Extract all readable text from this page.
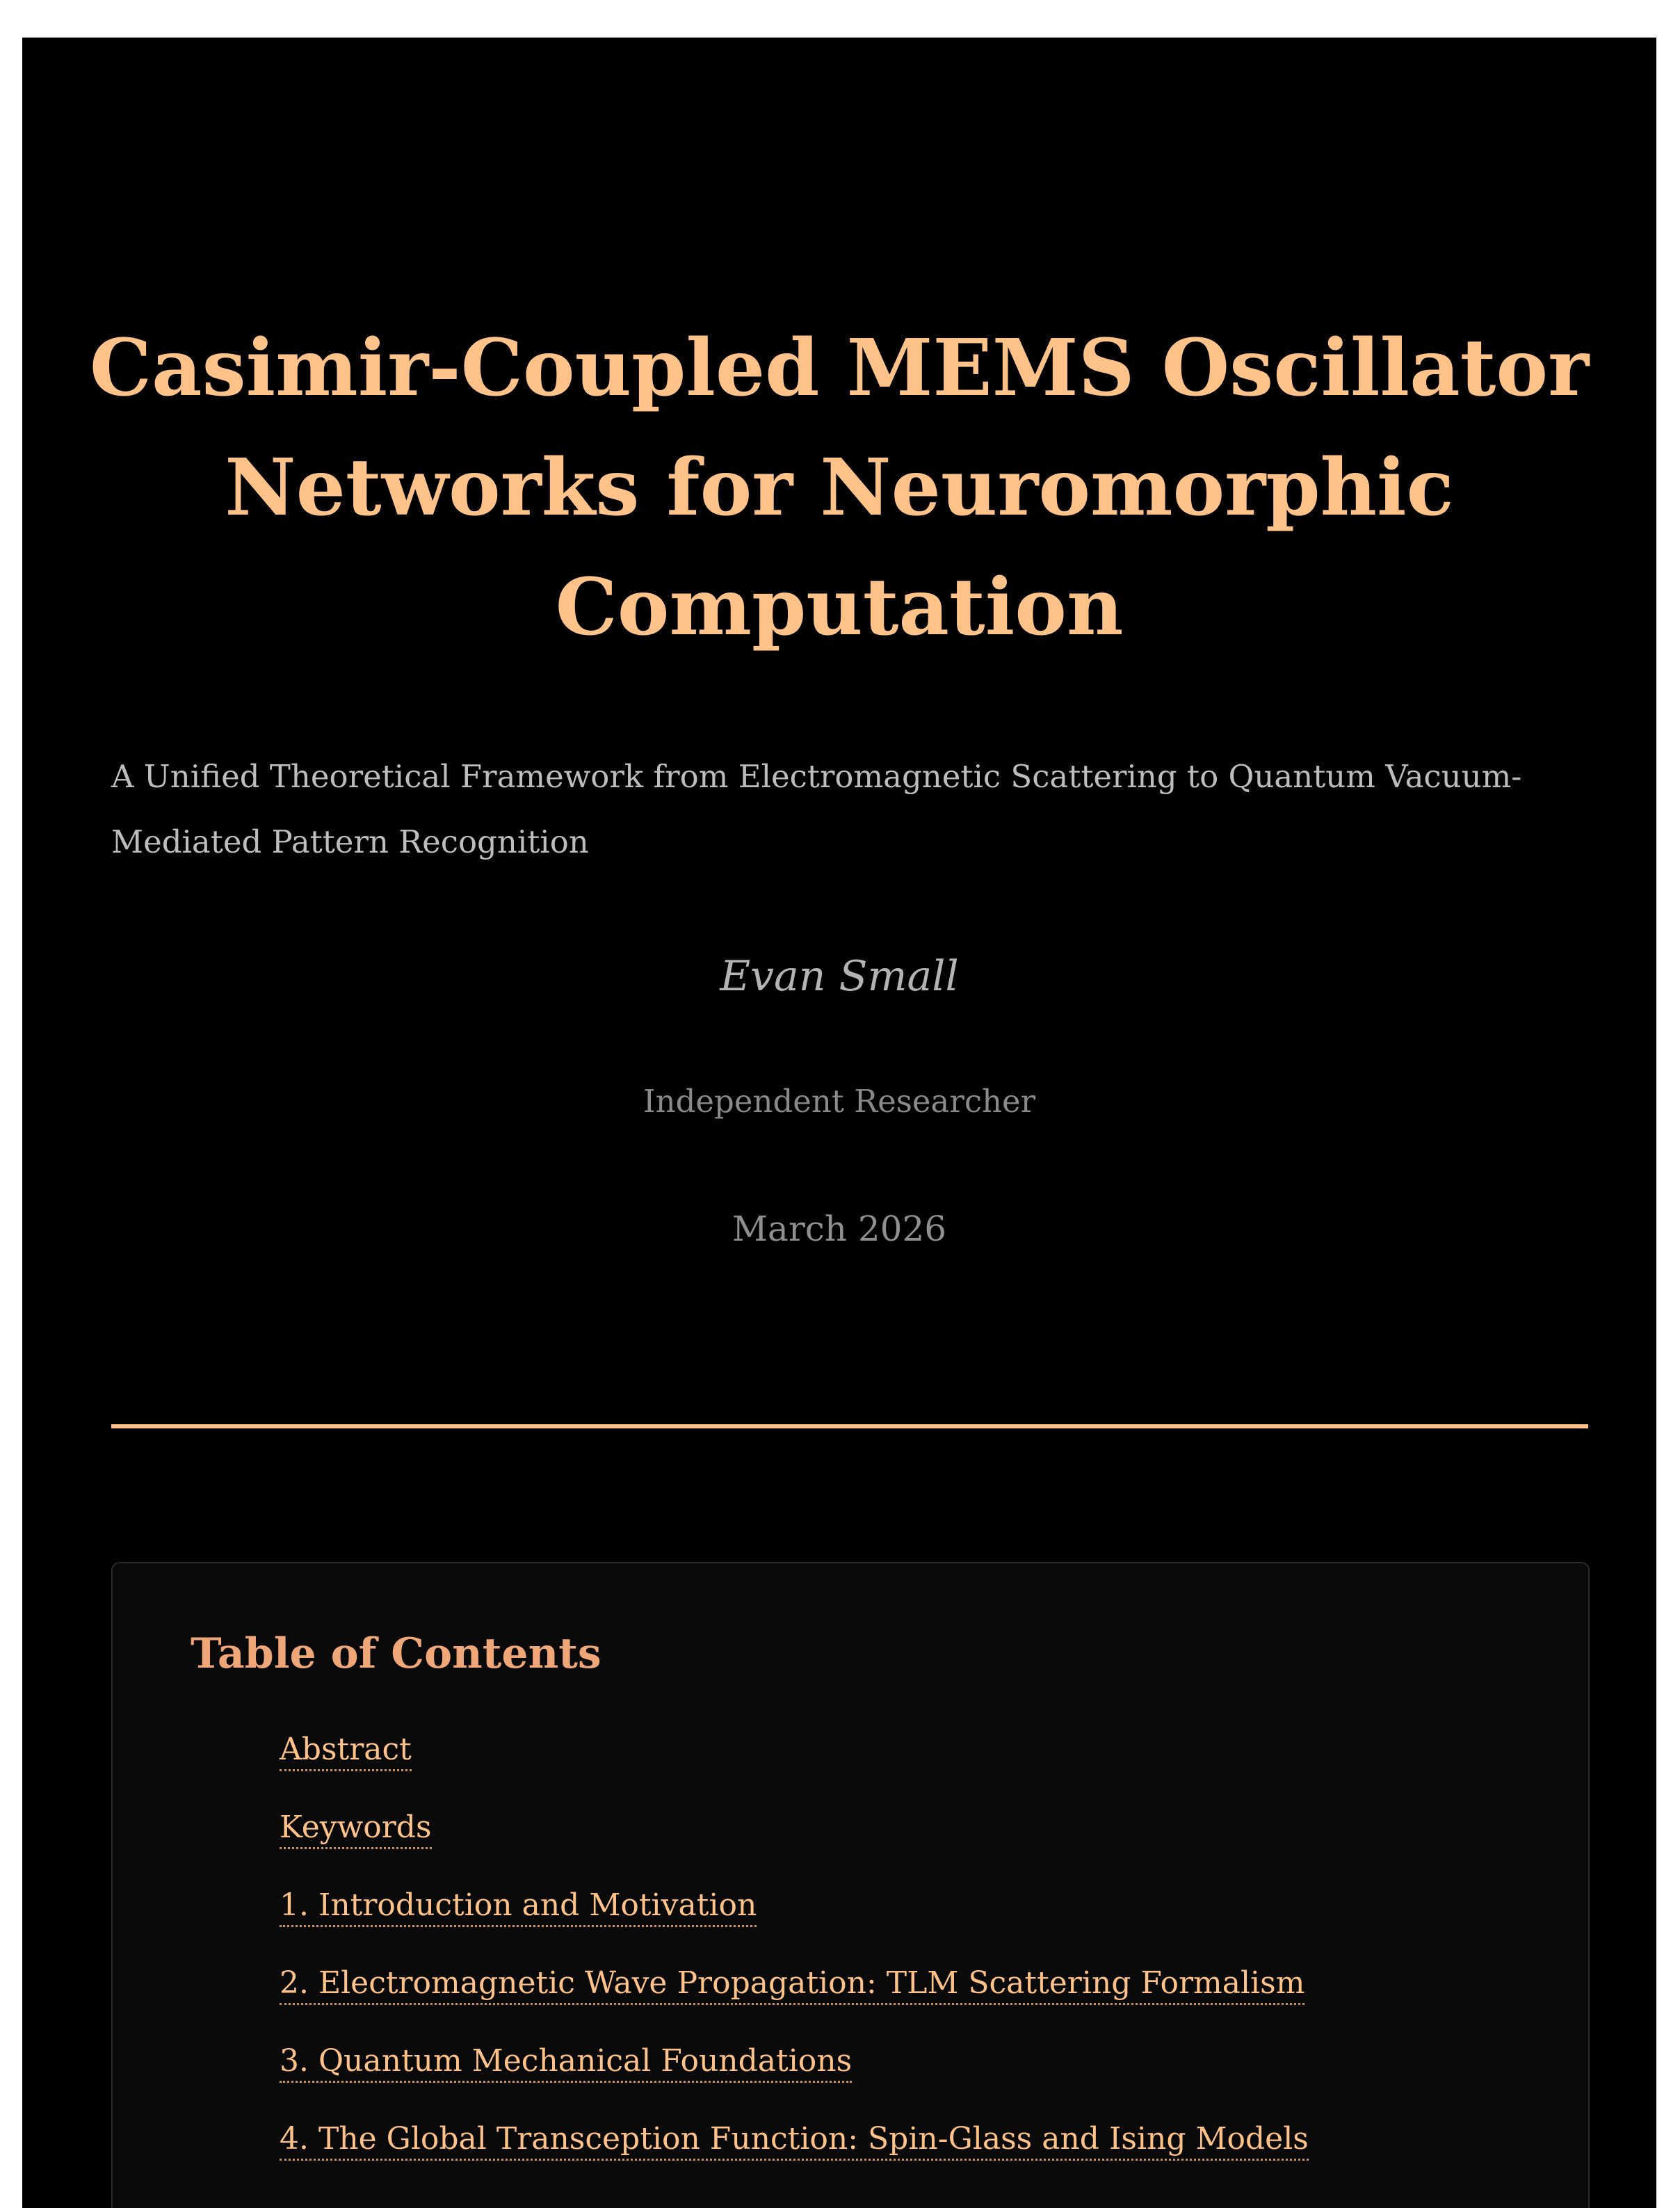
Casimir-Coupled MEMS Oscillator Networks for Neuromorphic Computation

A Unified Theoretical Framework from Electromagnetic Scattering to Quantum Vacuum-Mediated Pattern Recognition

Evan Small
Independent Researcher
March 2026
Table of Contents
Abstract
Keywords
1. Introduction and Motivation
2. Electromagnetic Wave Propagation: TLM Scattering Formalism
3. Quantum Mechanical Foundations
4. The Global Transception Function: Spin-Glass and Ising Models
